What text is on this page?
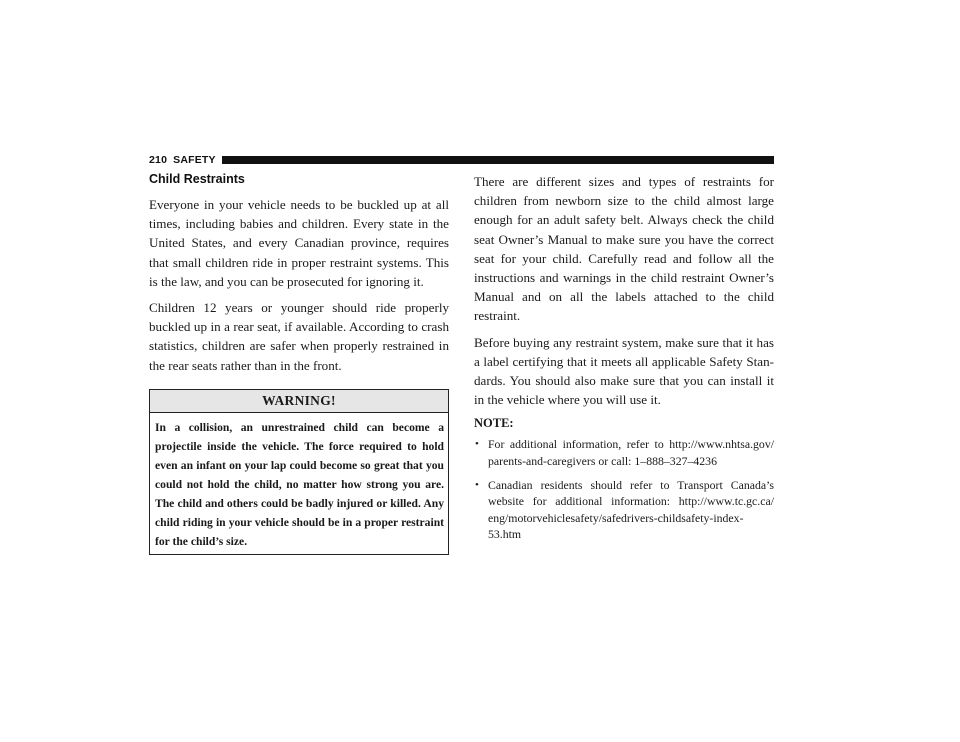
210 SAFETY
Child Restraints

Everyone in your vehicle needs to be buckled up at all times, including babies and children. Every state in the United States, and every Canadian province, requires that small children ride in proper restraint systems. This is the law, and you can be prosecuted for ignoring it.

Children 12 years or younger should ride properly buckled up in a rear seat, if available. According to crash statistics, children are safer when properly restrained in the rear seats rather than in the front.

WARNING!
In a collision, an unrestrained child can become a projectile inside the vehicle. The force required to hold even an infant on your lap could become so great that you could not hold the child, no matter how strong you are. The child and others could be badly injured or killed. Any child riding in your vehicle should be in a proper restraint for the child’s size.

There are different sizes and types of restraints for children from newborn size to the child almost large enough for an adult safety belt. Always check the child seat Owner’s Manual to make sure you have the correct seat for your child. Carefully read and follow all the instructions and warnings in the child restraint Owner’s Manual and on all the labels attached to the child restraint.

Before buying any restraint system, make sure that it has a label certifying that it meets all applicable Safety Stan-dards. You should also make sure that you can install it in the vehicle where you will use it.

NOTE:
• For additional information, refer to http://www.nhtsa.gov/ parents-and-caregivers or call: 1–888–327–4236
• Canadian residents should refer to Transport Canada’s website for additional information: http://www.tc.gc.ca/ eng/motorvehiclesafety/safedrivers-childsafety-index-53.htm
